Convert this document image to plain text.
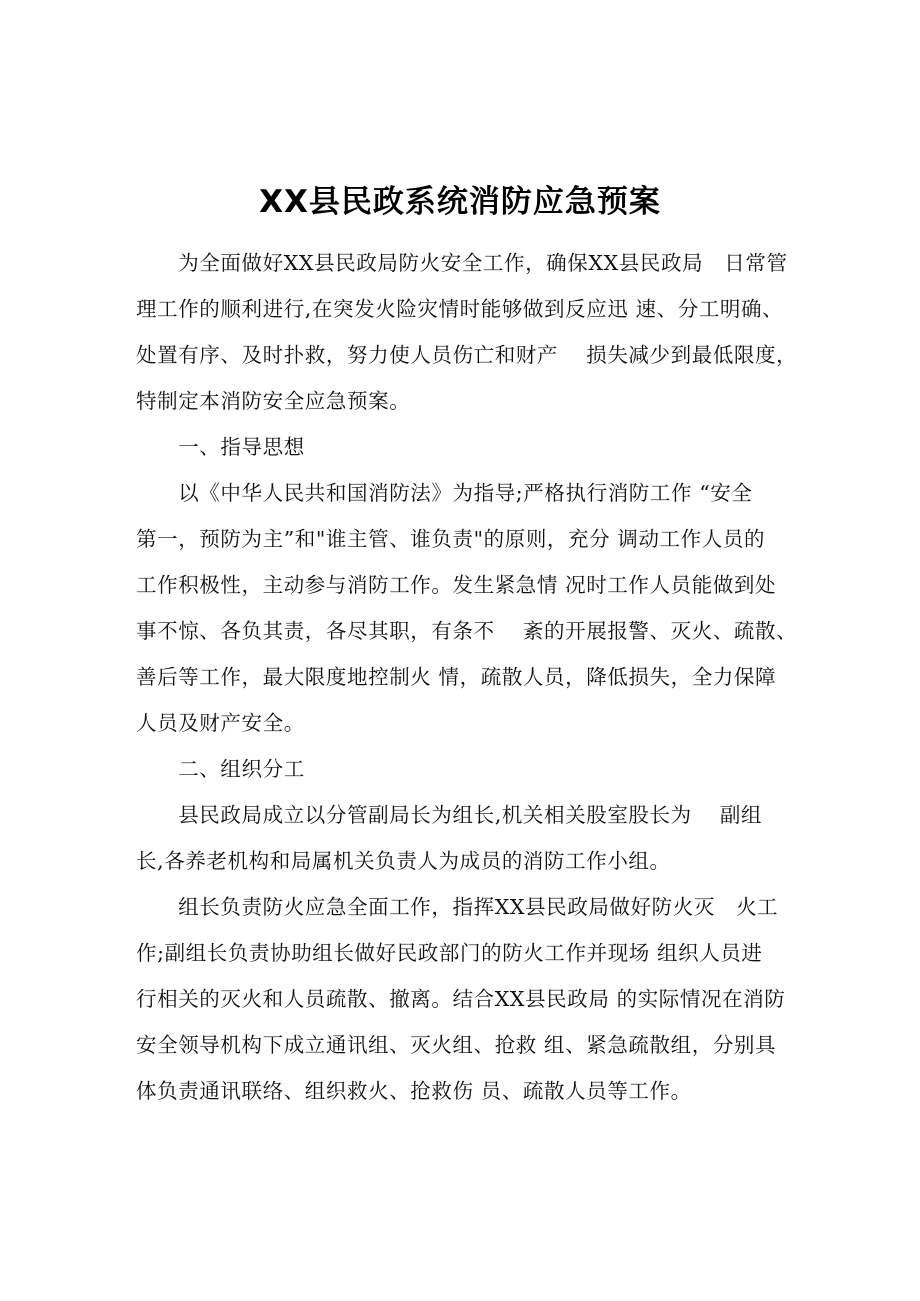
XX县民政系统消防应急预案
　　为全面做好XX县民政局防火安全工作，确保XX县民政局　日常管
理工作的顺利进行,在突发火险灾情时能够做到反应迅 速、分工明确、
处置有序、及时扑救，努力使人员伤亡和财产　 损失减少到最低限度，
特制定本消防安全应急预案。
　　一、指导思想
　　以《中华人民共和国消防法》为指导;严格执行消防工作 “安全
第一，预防为主”和"谁主管、谁负责"的原则，充分 调动工作人员的
工作积极性，主动参与消防工作。发生紧急情 况时工作人员能做到处
事不惊、各负其责，各尽其职，有条不　 紊的开展报警、灭火、疏散、
善后等工作，最大限度地控制火 情，疏散人员，降低损失，全力保障
人员及财产安全。
　　二、组织分工
　　县民政局成立以分管副局长为组长,机关相关股室股长为　 副组
长,各养老机构和局属机关负责人为成员的消防工作小组。
　　组长负责防火应急全面工作，指挥XX县民政局做好防火灭　火工
作;副组长负责协助组长做好民政部门的防火工作并现场 组织人员进
行相关的灭火和人员疏散、撤离。结合XX县民政局 的实际情况在消防
安全领导机构下成立通讯组、灭火组、抢救 组、紧急疏散组，分别具
体负责通讯联络、组织救火、抢救伤 员、疏散人员等工作。
